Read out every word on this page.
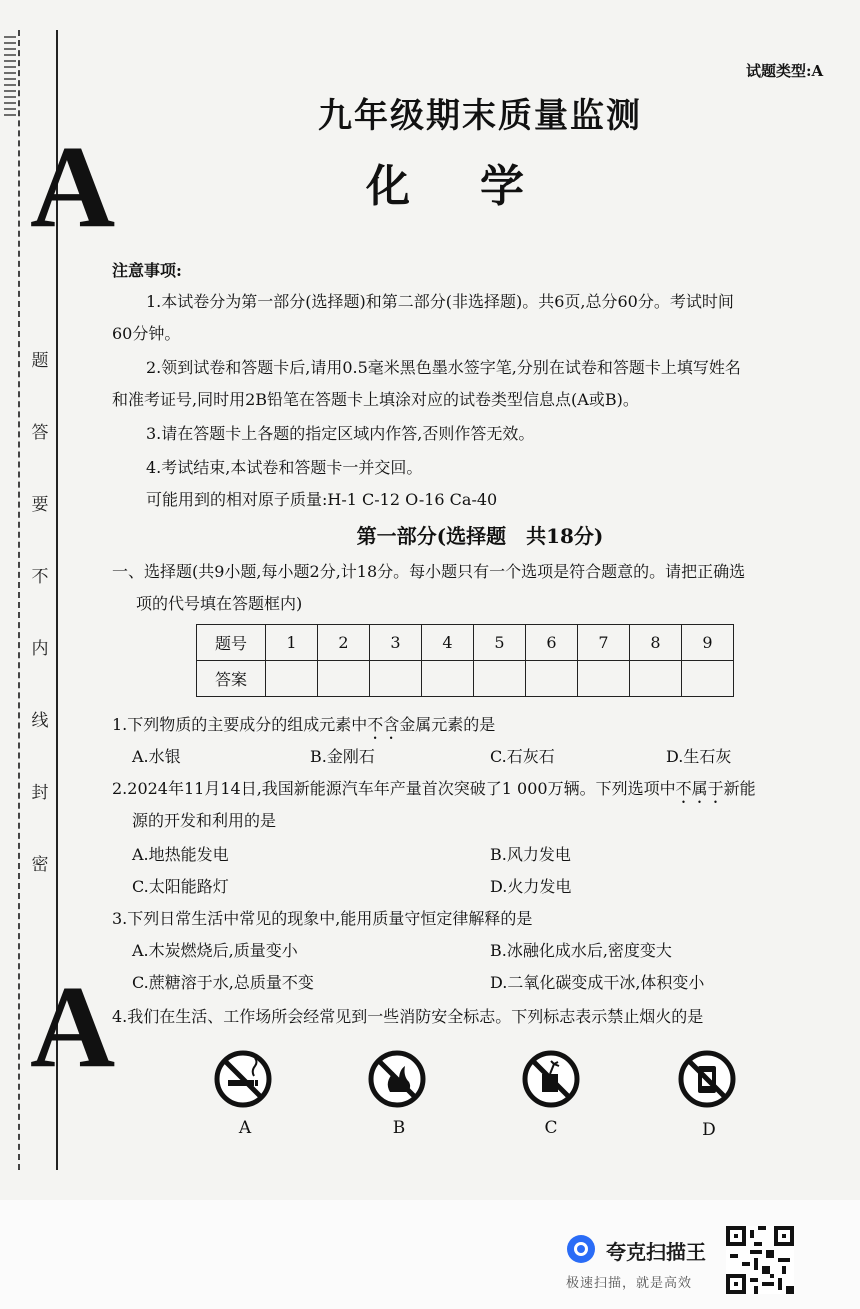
A
A
题
答
要
不
内
线
封
密
试题类型:A
九年级期末质量监测
化学
注意事项:
1.本试卷分为第一部分(选择题)和第二部分(非选择题)。共6页,总分60分。考试时间
60分钟。
2.领到试卷和答题卡后,请用0.5毫米黑色墨水签字笔,分别在试卷和答题卡上填写姓名
和准考证号,同时用2B铅笔在答题卡上填涂对应的试卷类型信息点(A或B)。
3.请在答题卡上各题的指定区域内作答,否则作答无效。
4.考试结束,本试卷和答题卡一并交回。
可能用到的相对原子质量:H-1 C-12 O-16 Ca-40
第一部分(选择题　共18分)
一、选择题(共9小题,每小题2分,计18分。每小题只有一个选项是符合题意的。请把正确选
项的代号填在答题框内)
题号	1	2	3	4	5	6	7	8	9
答案									
1.下列物质的主要成分的组成元素中不含金属元素的是
A.水银	B.金刚石	C.石灰石	D.生石灰
2.2024年11月14日,我国新能源汽车年产量首次突破了1 000万辆。下列选项中不属于新能
源的开发和利用的是
A.地热能发电	B.风力发电
C.太阳能路灯	D.火力发电
3.下列日常生活中常见的现象中,能用质量守恒定律解释的是
A.木炭燃烧后,质量变小	B.冰融化成水后,密度变大
C.蔗糖溶于水,总质量不变	D.二氧化碳变成干冰,体积变小
4.我们在生活、工作场所会经常见到一些消防安全标志。下列标志表示禁止烟火的是
A	B	C	D
夸克扫描王
极速扫描，就是高效
